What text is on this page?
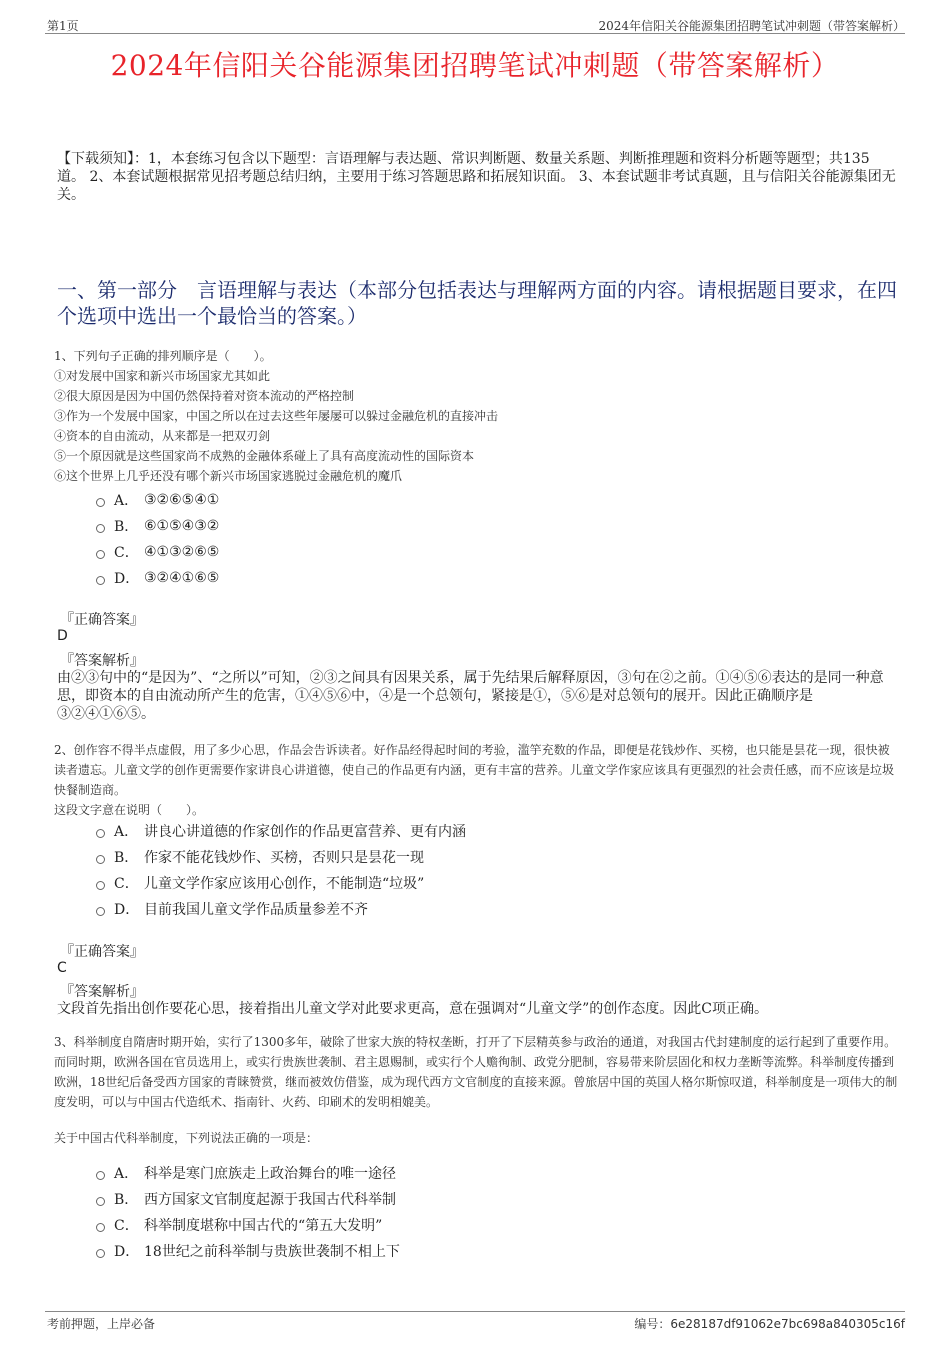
第1页	2024年信阳关谷能源集团招聘笔试冲刺题（带答案解析）
2024年信阳关谷能源集团招聘笔试冲刺题（带答案解析）
【下载须知】：1，本套练习包含以下题型：言语理解与表达题、常识判断题、数量关系题、判断推理题和资料分析题等题型；共135道。 2、本套试题根据常见招考题总结归纳，主要用于练习答题思路和拓展知识面。 3、本套试题非考试真题，且与信阳关谷能源集团无关。
一、第一部分　言语理解与表达（本部分包括表达与理解两方面的内容。请根据题目要求，在四个选项中选出一个最恰当的答案。）
1、下列句子正确的排列顺序是（　　）。
①对发展中国家和新兴市场国家尤其如此
②很大原因是因为中国仍然保持着对资本流动的严格控制
③作为一个发展中国家，中国之所以在过去这些年屡屡可以躲过金融危机的直接冲击
④资本的自由流动，从来都是一把双刃剑
⑤一个原因就是这些国家尚不成熟的金融体系碰上了具有高度流动性的国际资本
⑥这个世界上几乎还没有哪个新兴市场国家逃脱过金融危机的魔爪
A． ③②⑥⑤④①
B． ⑥①⑤④③②
C． ④①③②⑥⑤
D． ③②④①⑥⑤
『正确答案』
D
『答案解析』
由②③句中的“是因为”、“之所以”可知，②③之间具有因果关系，属于先结果后解释原因，③句在②之前。①④⑤⑥表达的是同一种意思，即资本的自由流动所产生的危害，①④⑤⑥中，④是一个总领句，紧接是①，⑤⑥是对总领句的展开。因此正确顺序是③②④①⑥⑤。
2、创作容不得半点虚假，用了多少心思，作品会告诉读者。好作品经得起时间的考验，滥竽充数的作品，即便是花钱炒作、买榜，也只能是昙花一现，很快被读者遗忘。儿童文学的创作更需要作家讲良心讲道德，使自己的作品更有内涵，更有丰富的营养。儿童文学作家应该具有更强烈的社会责任感，而不应该是垃圾快餐制造商。
这段文字意在说明（　　）。
A． 讲良心讲道德的作家创作的作品更富营养、更有内涵
B． 作家不能花钱炒作、买榜，否则只是昙花一现
C． 儿童文学作家应该用心创作，不能制造“垃圾”
D． 目前我国儿童文学作品质量参差不齐
『正确答案』
C
『答案解析』
文段首先指出创作要花心思，接着指出儿童文学对此要求更高，意在强调对“儿童文学”的创作态度。因此C项正确。
3、科举制度自隋唐时期开始，实行了1300多年，破除了世家大族的特权垄断，打开了下层精英参与政治的通道，对我国古代封建制度的运行起到了重要作用。而同时期，欧洲各国在官员选用上，或实行贵族世袭制、君主恩赐制，或实行个人赡徇制、政党分肥制，容易带来阶层固化和权力垄断等流弊。科举制度传播到欧洲，18世纪后备受西方国家的青睐赞赏，继而被效仿借鉴，成为现代西方文官制度的直接来源。曾旅居中国的英国人格尔斯惊叹道，科举制度是一项伟大的制度发明，可以与中国古代造纸术、指南针、火药、印刷术的发明相媲美。
关于中国古代科举制度，下列说法正确的一项是：
A． 科举是寒门庶族走上政治舞台的唯一途径
B． 西方国家文官制度起源于我国古代科举制
C． 科举制度堪称中国古代的“第五大发明”
D． 18世纪之前科举制与贵族世袭制不相上下
考前押题，上岸必备	编号：6e28187df91062e7bc698a840305c16f
